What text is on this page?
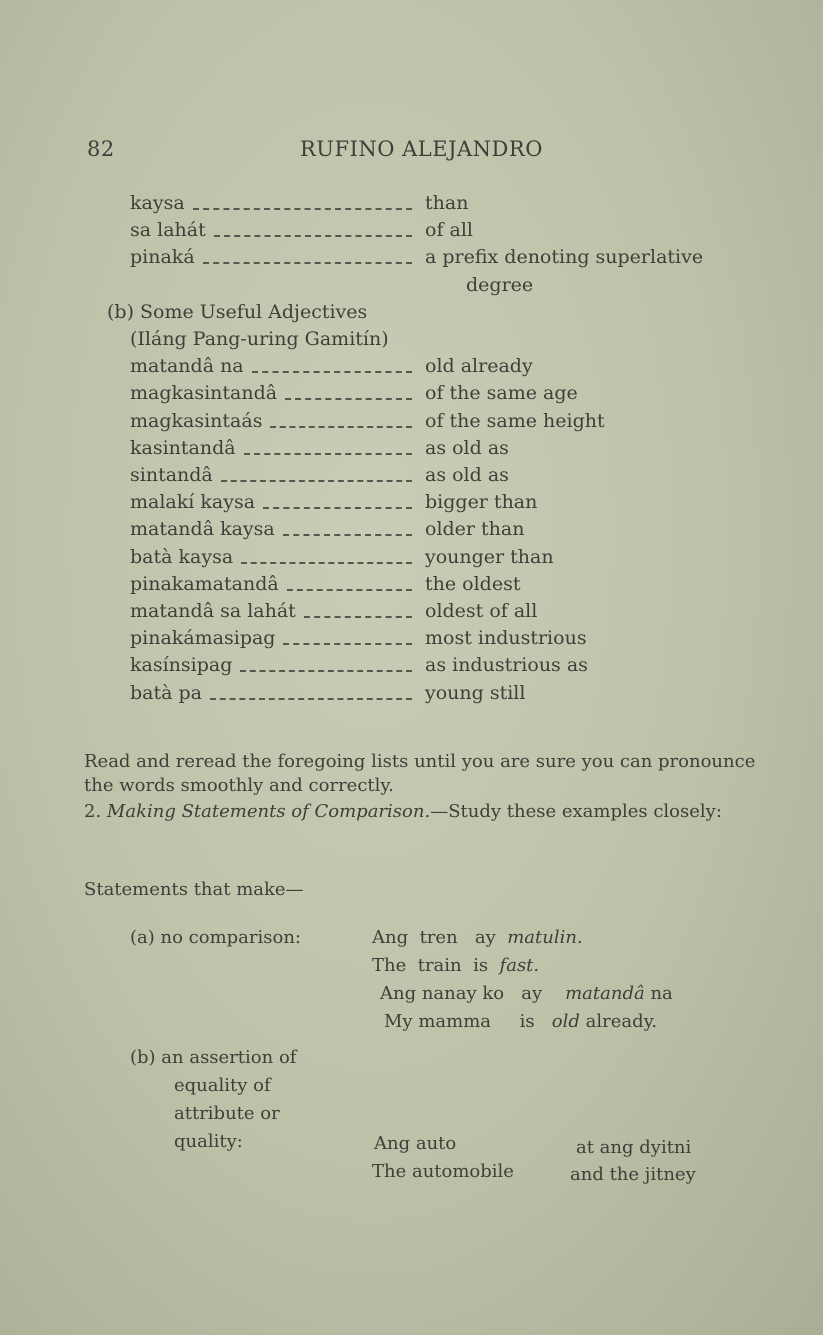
82	RUFINO ALEJANDRO
kaysa	than
sa lahát	of all
pinaká	a prefix denoting superlative
degree
(b) Some Useful Adjectives
(Iláng Pang-uring Gamitín)
matandâ na	old already
magkasintandâ	of the same age
magkasintaás	of the same height
kasintandâ	as old as
sintandâ	as old as
malakí kaysa	bigger than
matandâ kaysa	older than
batà kaysa	younger than
pinakamatandâ	the oldest
matandâ sa lahát	oldest of all
pinakámasipag	most industrious
kasínsipag	as industrious as
batà pa	young still
Read and reread the foregoing lists until you are sure you can pronounce the words smoothly and correctly.
2. Making Statements of Comparison.—Study these examples closely:
Statements that make—
(a) no comparison:	Ang tren ay matulin.
The train is fast.
Ang nanay ko ay matandâ na
My mamma is old already.
(b) an assertion of
equality of
attribute or
quality:	Ang auto	at ang dyitni
The automobile	and the jitney
